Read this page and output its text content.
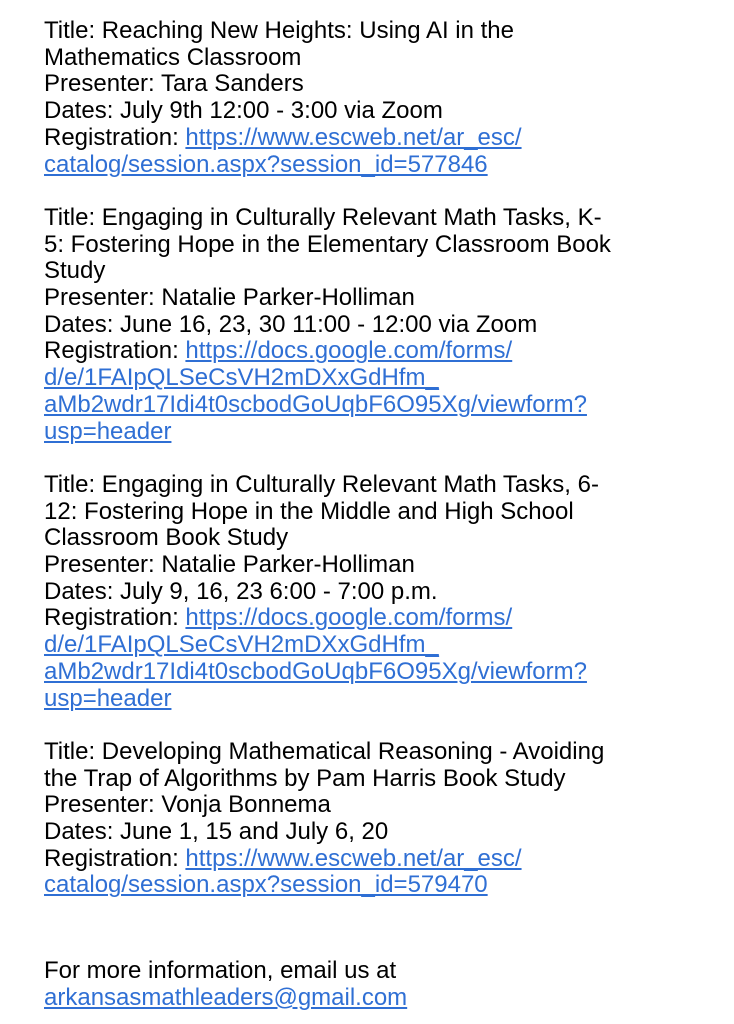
Title: Reaching New Heights: Using AI in the
Mathematics Classroom
Presenter: Tara Sanders
Dates: July 9th 12:00 - 3:00 via Zoom
Registration: https://www.escweb.net/ar_esc/
catalog/session.aspx?session_id=577846
Title: Engaging in Culturally Relevant Math Tasks, K-
5: Fostering Hope in the Elementary Classroom Book
Study
Presenter: Natalie Parker-Holliman
Dates: June 16, 23, 30 11:00 - 12:00 via Zoom
Registration: https://docs.google.com/forms/
d/e/1FAIpQLSeCsVH2mDXxGdHfm_
aMb2wdr17Idi4t0scbodGoUqbF6O95Xg/viewform?
usp=header
Title: Engaging in Culturally Relevant Math Tasks, 6-
12: Fostering Hope in the Middle and High School
Classroom Book Study
Presenter: Natalie Parker-Holliman
Dates: July 9, 16, 23 6:00 - 7:00 p.m.
Registration: https://docs.google.com/forms/
d/e/1FAIpQLSeCsVH2mDXxGdHfm_
aMb2wdr17Idi4t0scbodGoUqbF6O95Xg/viewform?
usp=header
Title: Developing Mathematical Reasoning - Avoiding
the Trap of Algorithms by Pam Harris Book Study
Presenter: Vonja Bonnema
Dates: June 1, 15 and July 6, 20
Registration: https://www.escweb.net/ar_esc/
catalog/session.aspx?session_id=579470
For more information, email us at
arkansasmathleaders@gmail.com
